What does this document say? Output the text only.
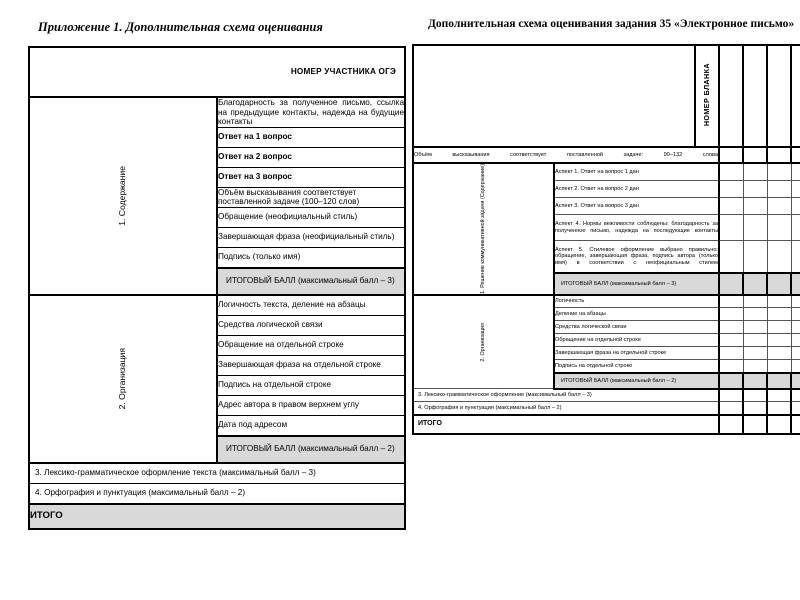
Приложение 1. Дополнительная схема оценивания
НОМЕР УЧАСТНИКА ОГЭ	

1. Содержание	Благодарность за полученное письмо, ссылка на предыдущие контакты, надежда на будущие контакты
	Ответ на 1 вопрос
	Ответ на 2 вопрос
	Ответ на 3 вопрос
	Объём высказывания соответствует поставленной задаче (100–120 слов)
	Обращение (неофициальный стиль)
	Завершающая фраза (неофициальный стиль)
	Подпись (только имя)
	ИТОГОВЫЙ БАЛЛ (максимальный балл – 3)

2. Организация	Логичность текста, деление на абзацы
	Средства логической связи
	Обращение на отдельной строке
	Завершающая фраза на отдельной строке
	Подпись на отдельной строке
	Адрес автора в правом верхнем углу
	Дата под адресом
	ИТОГОВЫЙ БАЛЛ (максимальный балл – 2)
3. Лексико-грамматическое оформление текста (максимальный балл – 3)	
4. Орфография и пунктуация (максимальный балл – 2)	
ИТОГО	
Дополнительная схема оценивания задания 35 «Электронное письмо»
		НОМЕР БЛАНКА								
Объём высказывания соответствует поставленной задаче: 90–132 слова										

1. Решение коммуникативной задачи (Содержание)	Аспект 1. Ответ на вопрос 1 дан									
	Аспект 2. Ответ на вопрос 2 дан									
	Аспект 3. Ответ на вопрос 3 дан									
	Аспект 4. Нормы вежливости соблюдены: благодарность за полученное письмо, надежда на последующие контакты									
	Аспект 5. Стилевое оформление выбрано правильно: обращение, завершающая фраза, подпись автора (только имя) в соответствии с неофициальным стилем									
	ИТОГОВЫЙ БАЛЛ (максимальный балл – 3)									

2. Организация	Логичность									
	Деление на абзацы									
	Средства логической связи									
	Обращение на отдельной строке									
	Завершающая фраза на отдельной строке									
	Подпись на отдельной строке									
	ИТОГОВЫЙ БАЛЛ (максимальный балл – 2)									
3. Лексико-грамматическое оформление (максимальный балл – 3)										
4. Орфография и пунктуация (максимальный балл – 2)										
ИТОГО										
